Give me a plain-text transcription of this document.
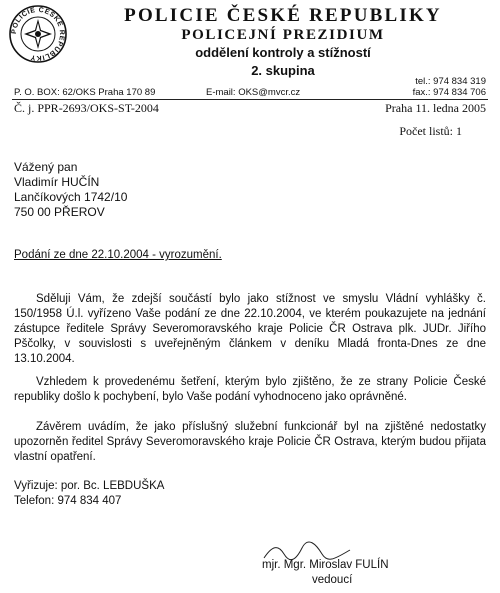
POLICIE ČESKÉ REPUBLIKY
POLICIE ČESKÉ REPUBLIKY
POLICEJNÍ PREZIDIUM
oddělení kontroly a stížností
2. skupina
tel.: 974 834 319
P. O. BOX: 62/OKS Praha 170 89	E-mail: OKS@mvcr.cz	fax.: 974 834 706
Č. j. PPR-2693/OKS-ST-2004	Praha 11. ledna 2005
Počet listů: 1
Vážený pan
Vladimír HUČÍN
Lančíkových 1742/10
750 00 PŘEROV
Podání ze dne 22.10.2004 - vyrozumění.
Sděluji Vám, že zdejší součástí bylo jako stížnost ve smyslu Vládní vyhlášky č. 150/1958 Ú.l. vyřízeno Vaše podání ze dne 22.10.2004, ve kterém poukazujete na jednání zástupce ředitele Správy Severomoravského kraje Policie ČR Ostrava plk. JUDr. Jiřího Pščolky, v souvislosti s uveřejněným článkem v deníku Mladá fronta-Dnes ze dne 13.10.2004.
Vzhledem k provedenému šetření, kterým bylo zjištěno, že ze strany Policie České republiky došlo k pochybení, bylo Vaše podání vyhodnoceno jako oprávněné.
Závěrem uvádím, že jako příslušný služební funkcionář byl na zjištěné nedostatky upozorněn ředitel Správy Severomoravského kraje Policie ČR Ostrava, kterým budou přijata vlastní opatření.
Vyřizuje: por. Bc. LEBDUŠKA
Telefon: 974 834 407
mjr. Mgr. Miroslav FULÍN
vedoucí
